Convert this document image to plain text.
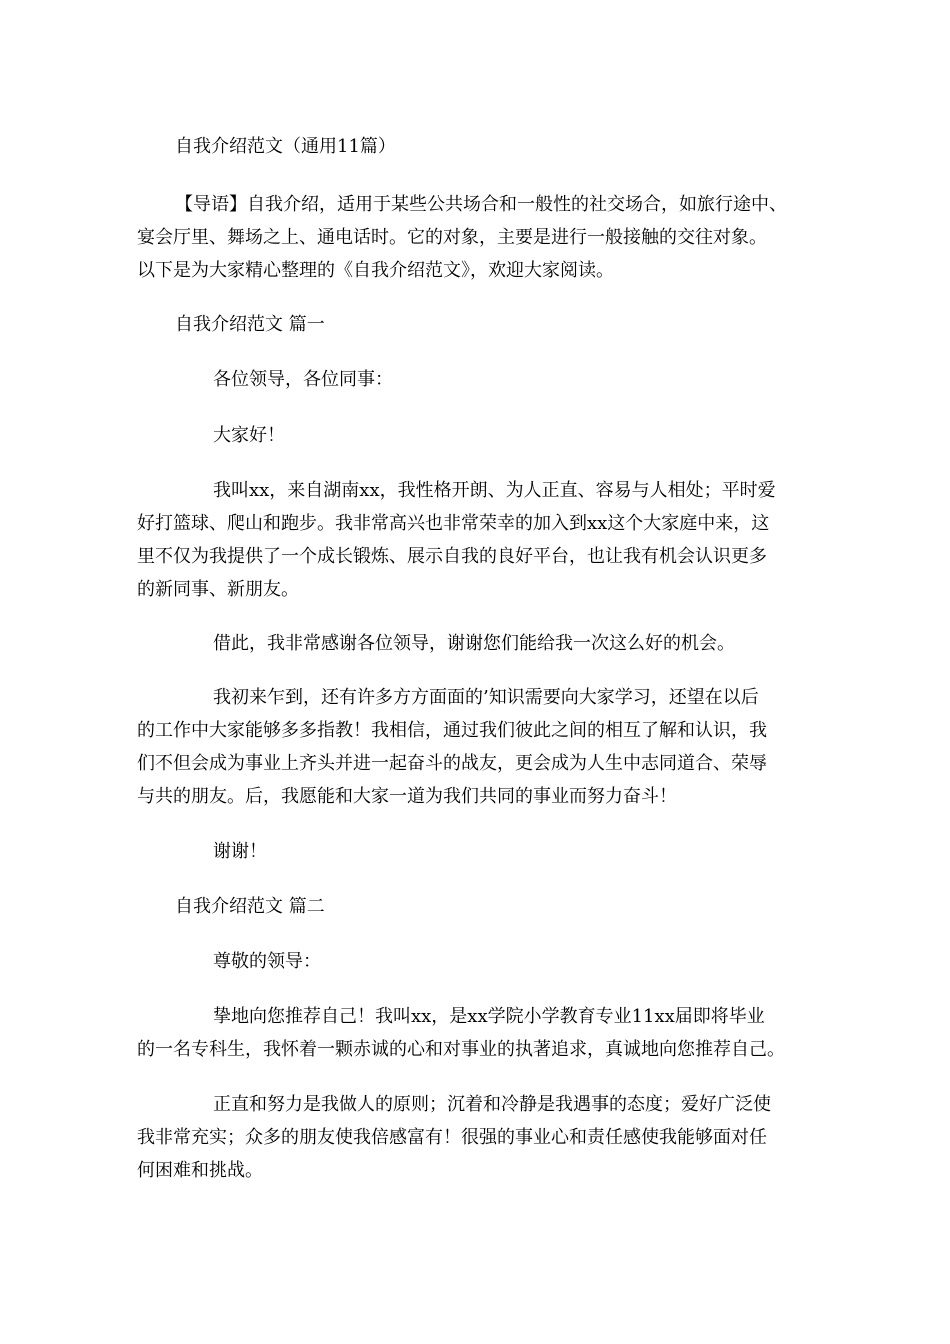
自我介绍范文（通用11篇）

【导语】自我介绍，适用于某些公共场合和一般性的社交场合，如旅行途中、

宴会厅里、舞场之上、通电话时。它的对象，主要是进行一般接触的交往对象。

以下是为大家精心整理的《自我介绍范文》，欢迎大家阅读。

自我介绍范文 篇一

各位领导，各位同事：

大家好！

我叫xx，来自湖南xx，我性格开朗、为人正直、容易与人相处；平时爱

好打篮球、爬山和跑步。我非常高兴也非常荣幸的加入到xx这个大家庭中来，这

里不仅为我提供了一个成长锻炼、展示自我的良好平台，也让我有机会认识更多

的新同事、新朋友。

借此，我非常感谢各位领导，谢谢您们能给我一次这么好的机会。

我初来乍到，还有许多方方面面的’知识需要向大家学习，还望在以后

的工作中大家能够多多指教！我相信，通过我们彼此之间的相互了解和认识，我

们不但会成为事业上齐头并进一起奋斗的战友，更会成为人生中志同道合、荣辱

与共的朋友。后，我愿能和大家一道为我们共同的事业而努力奋斗！

谢谢！

自我介绍范文 篇二

尊敬的领导：

挚地向您推荐自己！我叫xx，是xx学院小学教育专业11xx届即将毕业

的一名专科生，我怀着一颗赤诚的心和对事业的执著追求，真诚地向您推荐自己。

正直和努力是我做人的原则；沉着和冷静是我遇事的态度；爱好广泛使

我非常充实；众多的朋友使我倍感富有！很强的事业心和责任感使我能够面对任

何困难和挑战。
